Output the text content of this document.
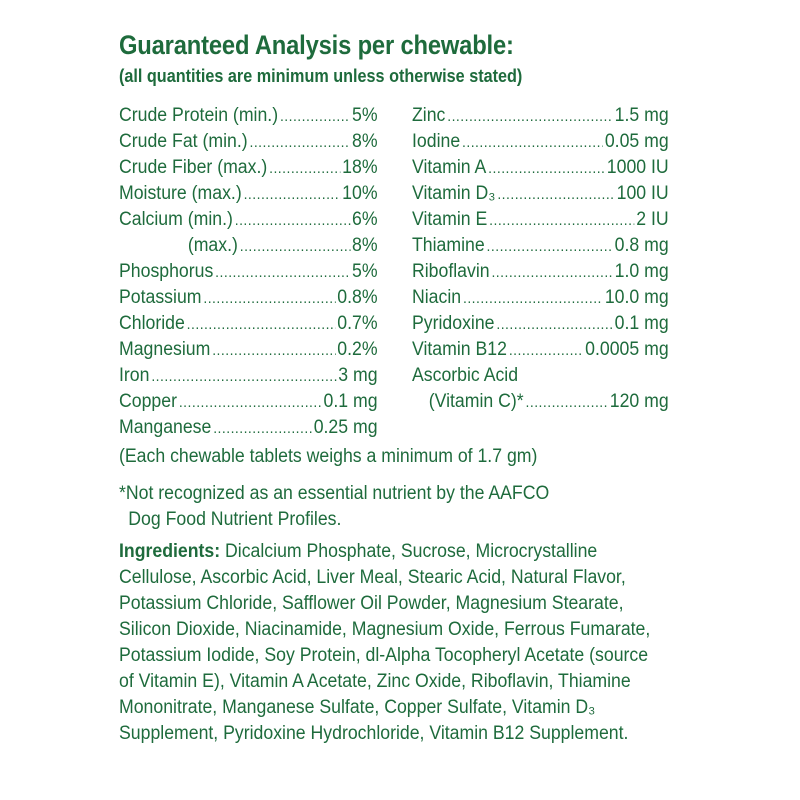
Guaranteed Analysis per chewable:
(all quantities are minimum unless otherwise stated)
Crude Protein (min.) .....	5%
Crude Fat (min.) .....	8%
Crude Fiber (max.) .....	18%
Moisture (max.) .....	10%
Calcium (min.) .....	6%
(max.) .....	8%
Phosphorus .....	5%
Potassium .....	0.8%
Chloride .....	0.7%
Magnesium .....	0.2%
Iron .....	3 mg
Copper .....	0.1 mg
Manganese .....	0.25 mg
Zinc .....	1.5 mg
Iodine .....	0.05 mg
Vitamin A .....	1000 IU
Vitamin D₃ .....	100 IU
Vitamin E .....	2 IU
Thiamine .....	0.8 mg
Riboflavin .....	1.0 mg
Niacin .....	10.0 mg
Pyridoxine .....	0.1 mg
Vitamin B12 .....	0.0005 mg
Ascorbic Acid
(Vitamin C)* .....	120 mg
(Each chewable tablets weighs a minimum of 1.7 gm)
*Not recognized as an essential nutrient by the AAFCO
Dog Food Nutrient Profiles.
Ingredients: Dicalcium Phosphate, Sucrose, Microcrystalline
Cellulose, Ascorbic Acid, Liver Meal, Stearic Acid, Natural Flavor,
Potassium Chloride, Safflower Oil Powder, Magnesium Stearate,
Silicon Dioxide, Niacinamide, Magnesium Oxide, Ferrous Fumarate,
Potassium Iodide, Soy Protein, dl-Alpha Tocopheryl Acetate (source
of Vitamin E), Vitamin A Acetate, Zinc Oxide, Riboflavin, Thiamine
Mononitrate, Manganese Sulfate, Copper Sulfate, Vitamin D₃
Supplement, Pyridoxine Hydrochloride, Vitamin B12 Supplement.
